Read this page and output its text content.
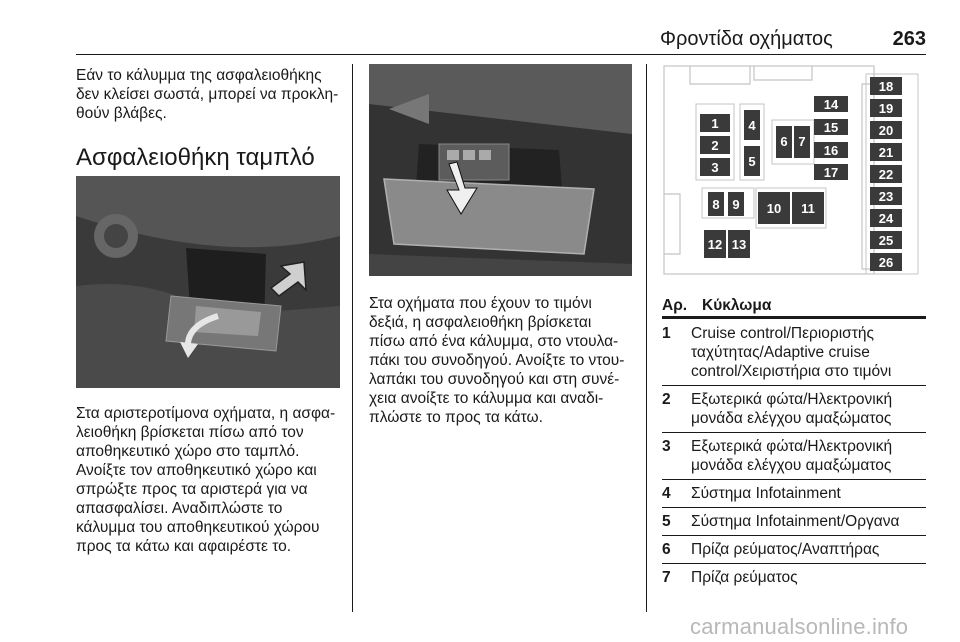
Φροντίδα οχήματος	263
Εάν το κάλυμμα της ασφαλειοθήκης
δεν κλείσει σωστά, μπορεί να προκλη-
θούν βλάβες.
Ασφαλειοθήκη ταμπλό
Στα αριστεροτίμονα οχήματα, η ασφα-
λειοθήκη βρίσκεται πίσω από τον
αποθηκευτικό χώρο στο ταμπλό.
Ανοίξτε τον αποθηκευτικό χώρο και
σπρώξτε προς τα αριστερά για να
απασφαλίσει. Αναδιπλώστε το
κάλυμμα του αποθηκευτικού χώρου
προς τα κάτω και αφαιρέστε το.
Στα οχήματα που έχουν το τιμόνι
δεξιά, η ασφαλειοθήκη βρίσκεται
πίσω από ένα κάλυμμα, στο ντουλα-
πάκι του συνοδηγού. Ανοίξτε το ντου-
λαπάκι του συνοδηγού και στη συνέ-
χεια ανοίξτε το κάλυμμα και αναδι-
πλώστε το προς τα κάτω.
1
2
3
4
5
6 7
8 9 10 11
12 13
14
15
16
17
18
19
20
21
22
23
24
25
26
Αρ. Κύκλωμα
1 Cruise control/Περιοριστής
ταχύτητας/Adaptive cruise
control/Χειριστήρια στο τιμόνι
2 Εξωτερικά φώτα/Ηλεκτρονική
μονάδα ελέγχου αμαξώματος
3 Εξωτερικά φώτα/Ηλεκτρονική
μονάδα ελέγχου αμαξώματος
4 Σύστημα Infotainment
5 Σύστημα Infotainment/Οργανα
6 Πρίζα ρεύματος/Αναπτήρας
7 Πρίζα ρεύματος
carmanualsonline.info
